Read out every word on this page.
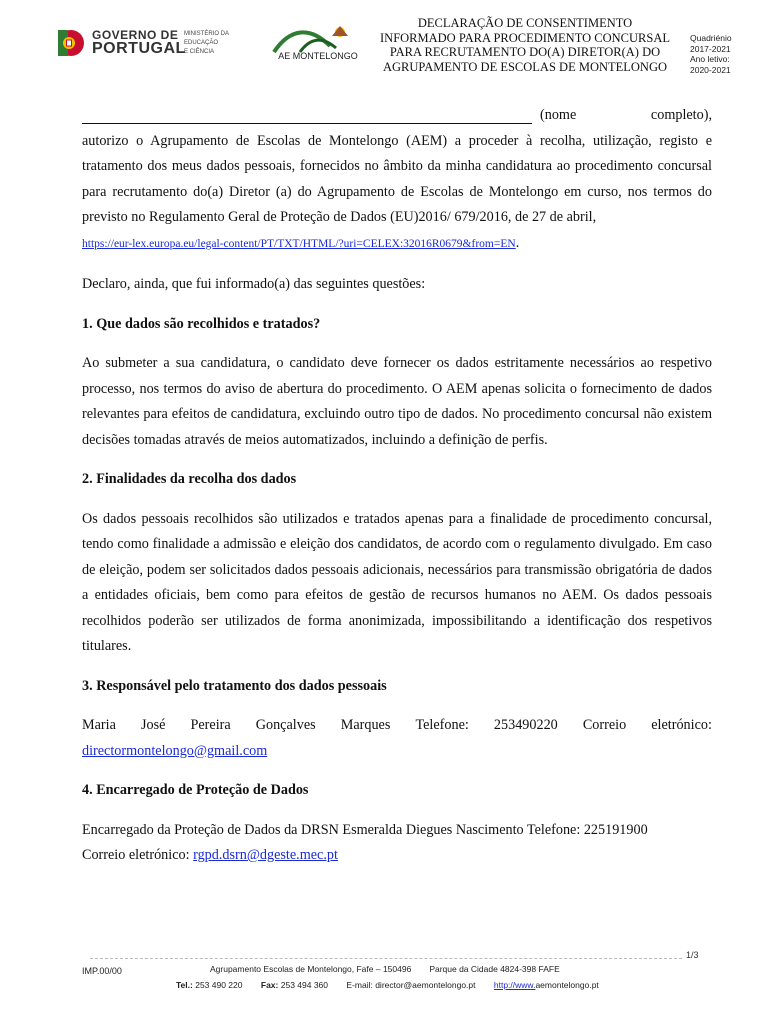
GOVERNO DE
PORTUGAL
MINISTÉRIO DA EDUCAÇÃO
E CIÊNCIA	AE MONTELONGO
DECLARAÇÃO DE CONSENTIMENTO INFORMADO PARA PROCEDIMENTO CONCURSAL PARA RECRUTAMENTO DO(A) DIRETOR(A) DO AGRUPAMENTO DE ESCOLAS DE MONTELONGO
Quadriénio
2017-2021
Ano letivo:
2020-2021
(nome	completo),

autorizo o Agrupamento de Escolas de Montelongo (AEM) a proceder à recolha, utilização, registo e tratamento dos meus dados pessoais, fornecidos no âmbito da minha candidatura ao procedimento concursal para recrutamento do(a) Diretor (a) do Agrupamento de Escolas de Montelongo em curso, nos termos do previsto no Regulamento Geral de Proteção de Dados (EU)2016/ 679/2016, de 27 de abril,

https://eur-lex.europa.eu/legal-content/PT/TXT/HTML/?uri=CELEX:32016R0679&from=EN.

Declaro, ainda, que fui informado(a) das seguintes questões:

1. Que dados são recolhidos e tratados?

Ao submeter a sua candidatura, o candidato deve fornecer os dados estritamente necessários ao respetivo processo, nos termos do aviso de abertura do procedimento. O AEM apenas solicita o fornecimento de dados relevantes para efeitos de candidatura, excluindo outro tipo de dados. No procedimento concursal não existem decisões tomadas através de meios automatizados, incluindo a definição de perfis.

2. Finalidades da recolha dos dados

Os dados pessoais recolhidos são utilizados e tratados apenas para a finalidade de procedimento concursal, tendo como finalidade a admissão e eleição dos candidatos, de acordo com o regulamento divulgado. Em caso de eleição, podem ser solicitados dados pessoais adicionais, necessários para transmissão obrigatória de dados a entidades oficiais, bem como para efeitos de gestão de recursos humanos no AEM. Os dados pessoais recolhidos poderão ser utilizados de forma anonimizada, impossibilitando a identificação dos respetivos titulares.

3. Responsável pelo tratamento dos dados pessoais

Maria José Pereira Gonçalves Marques Telefone: 253490220 Correio eletrónico:

directormontelongo@gmail.com

4. Encarregado de Proteção de Dados

Encarregado da Proteção de Dados da DRSN Esmeralda Diegues Nascimento Telefone: 225191900

Correio eletrónico: rgpd.dsrn@dgeste.mec.pt

1/3
IMP.00/00	Agrupamento Escolas de Montelongo, Fafe – 150496 Parque da Cidade 4824-398 FAFE
Tel.: 253 490 220 Fax: 253 494 360 E-mail: director@aemontelongo.pt http://www.aemontelongo.pt
